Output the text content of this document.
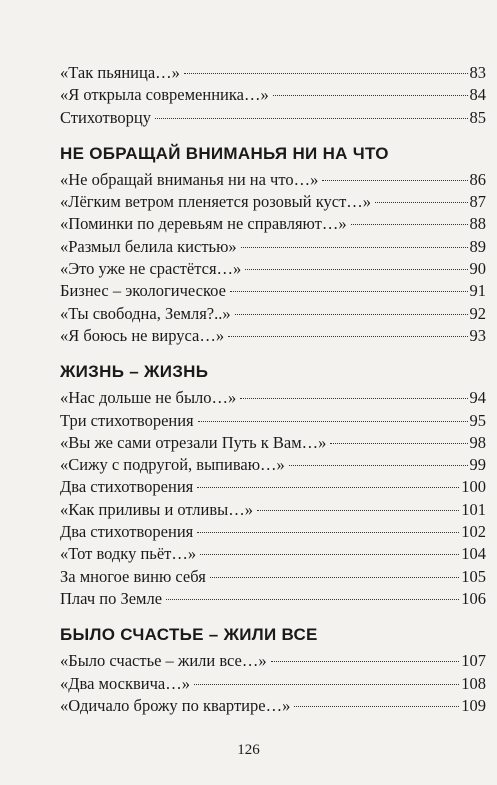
«Так пьяница…»	83
«Я открыла современника…»	84
Стихотворцу	85
НЕ ОБРАЩАЙ ВНИМАНЬЯ НИ НА ЧТО
«Не обращай вниманья ни на что…»	86
«Лёгким ветром пленяется розовый куст…»	87
«Поминки по деревьям не справляют…»	88
«Размыл белила кистью»	89
«Это уже не срастётся…»	90
Бизнес – экологическое	91
«Ты свободна, Земля?..»	92
«Я боюсь не вируса…»	93
ЖИЗНЬ – ЖИЗНЬ
«Нас дольше не было…»	94
Три стихотворения	95
«Вы же сами отрезали Путь к Вам…»	98
«Сижу с подругой, выпиваю…»	99
Два стихотворения	100
«Как приливы и отливы…»	101
Два стихотворения	102
«Тот водку пьёт…»	104
За многое виню себя	105
Плач по Земле	106
БЫЛО СЧАСТЬЕ – ЖИЛИ ВСЕ
«Было счастье – жили все…»	107
«Два москвича…»	108
«Одичало брожу по квартире…»	109
126
